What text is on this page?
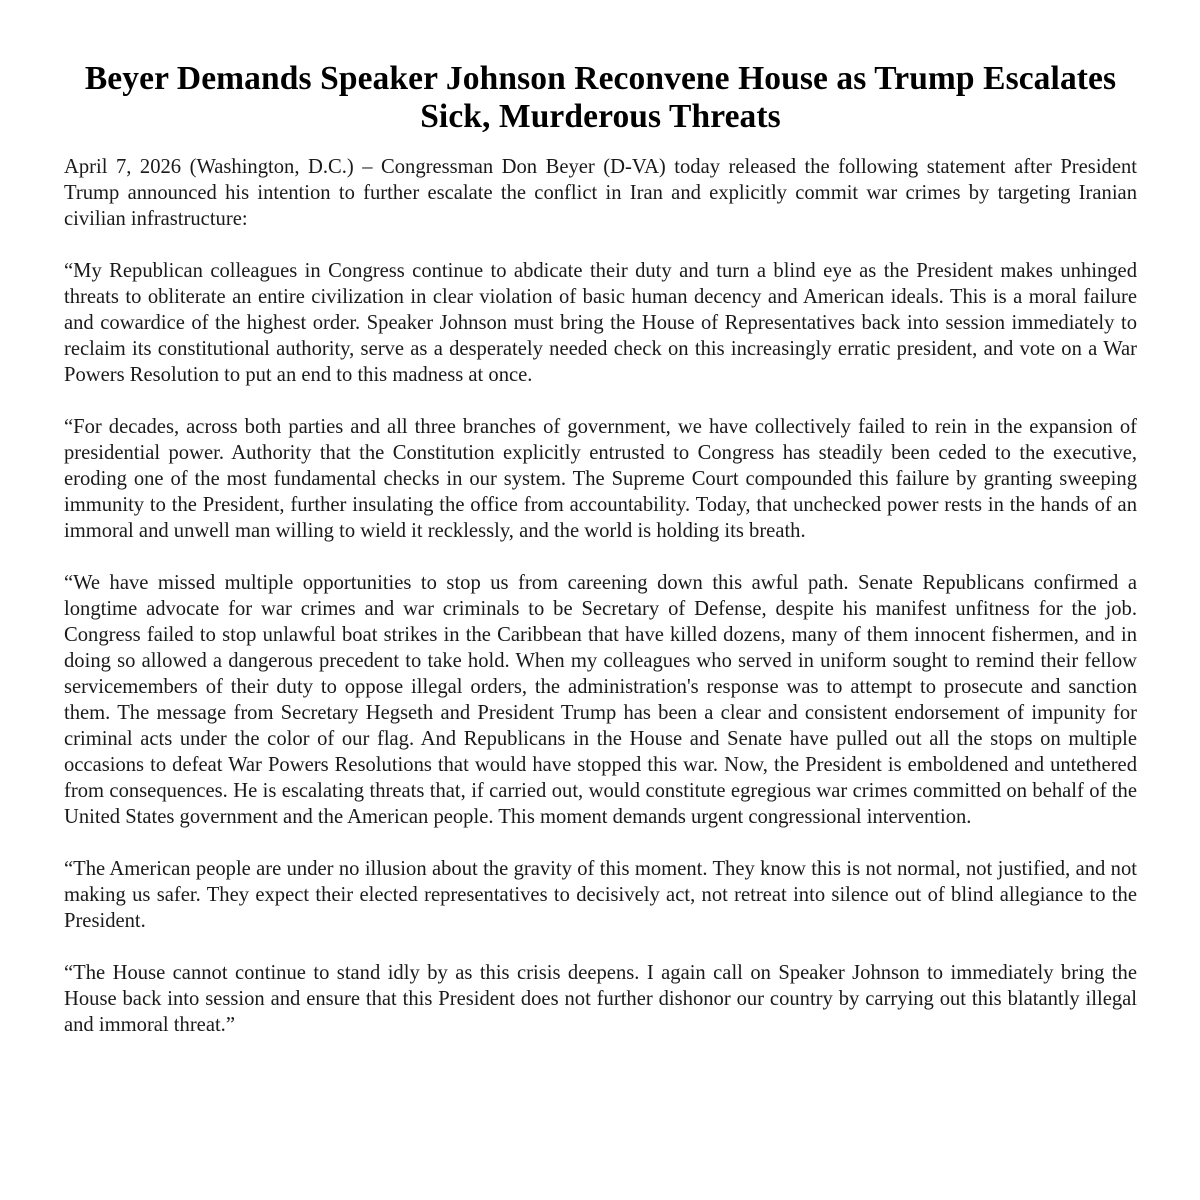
Beyer Demands Speaker Johnson Reconvene House as Trump Escalates Sick, Murderous Threats

April 7, 2026 (Washington, D.C.) – Congressman Don Beyer (D-VA) today released the following statement after President Trump announced his intention to further escalate the conflict in Iran and explicitly commit war crimes by targeting Iranian civilian infrastructure:

“My Republican colleagues in Congress continue to abdicate their duty and turn a blind eye as the President makes unhinged threats to obliterate an entire civilization in clear violation of basic human decency and American ideals. This is a moral failure and cowardice of the highest order. Speaker Johnson must bring the House of Representatives back into session immediately to reclaim its constitutional authority, serve as a desperately needed check on this increasingly erratic president, and vote on a War Powers Resolution to put an end to this madness at once.

“For decades, across both parties and all three branches of government, we have collectively failed to rein in the expansion of presidential power. Authority that the Constitution explicitly entrusted to Congress has steadily been ceded to the executive, eroding one of the most fundamental checks in our system. The Supreme Court compounded this failure by granting sweeping immunity to the President, further insulating the office from accountability. Today, that unchecked power rests in the hands of an immoral and unwell man willing to wield it recklessly, and the world is holding its breath.

“We have missed multiple opportunities to stop us from careening down this awful path. Senate Republicans confirmed a longtime advocate for war crimes and war criminals to be Secretary of Defense, despite his manifest unfitness for the job. Congress failed to stop unlawful boat strikes in the Caribbean that have killed dozens, many of them innocent fishermen, and in doing so allowed a dangerous precedent to take hold. When my colleagues who served in uniform sought to remind their fellow servicemembers of their duty to oppose illegal orders, the administration's response was to attempt to prosecute and sanction them. The message from Secretary Hegseth and President Trump has been a clear and consistent endorsement of impunity for criminal acts under the color of our flag. And Republicans in the House and Senate have pulled out all the stops on multiple occasions to defeat War Powers Resolutions that would have stopped this war. Now, the President is emboldened and untethered from consequences. He is escalating threats that, if carried out, would constitute egregious war crimes committed on behalf of the United States government and the American people. This moment demands urgent congressional intervention.

“The American people are under no illusion about the gravity of this moment. They know this is not normal, not justified, and not making us safer. They expect their elected representatives to decisively act, not retreat into silence out of blind allegiance to the President.

“The House cannot continue to stand idly by as this crisis deepens. I again call on Speaker Johnson to immediately bring the House back into session and ensure that this President does not further dishonor our country by carrying out this blatantly illegal and immoral threat.”
